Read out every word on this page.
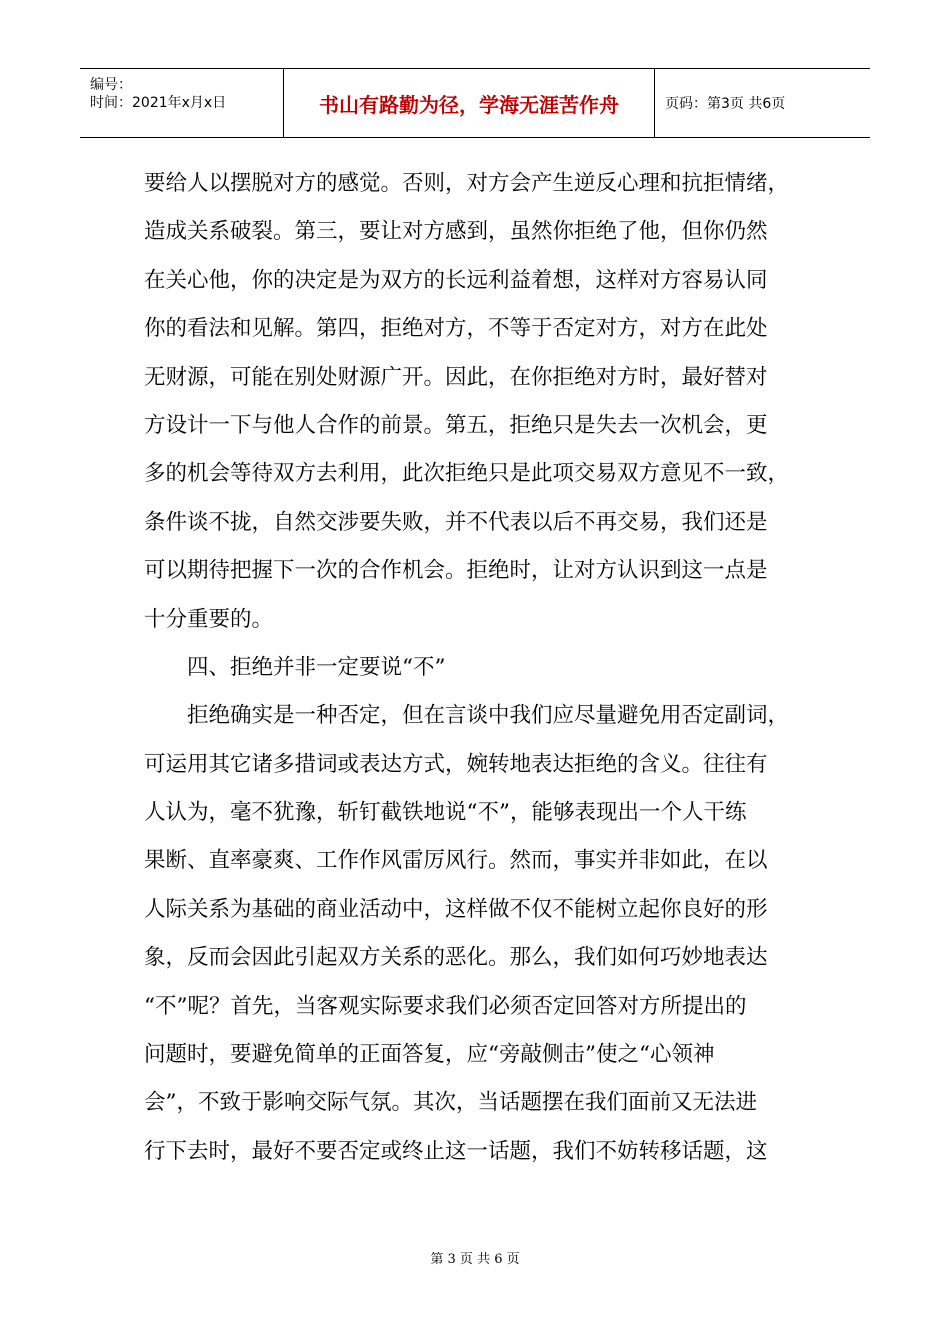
编号：
时间：2021年x月x日	书山有路勤为径，学海无涯苦作舟	页码：第3页 共6页
要给人以摆脱对方的感觉。否则，对方会产生逆反心理和抗拒情绪，
造成关系破裂。第三，要让对方感到，虽然你拒绝了他，但你仍然
在关心他，你的决定是为双方的长远利益着想，这样对方容易认同
你的看法和见解。第四，拒绝对方，不等于否定对方，对方在此处
无财源，可能在别处财源广开。因此，在你拒绝对方时，最好替对
方设计一下与他人合作的前景。第五，拒绝只是失去一次机会，更
多的机会等待双方去利用，此次拒绝只是此项交易双方意见不一致，
条件谈不拢，自然交涉要失败，并不代表以后不再交易，我们还是
可以期待把握下一次的合作机会。拒绝时，让对方认识到这一点是
十分重要的。
四、拒绝并非一定要说“不”
拒绝确实是一种否定，但在言谈中我们应尽量避免用否定副词，
可运用其它诸多措词或表达方式，婉转地表达拒绝的含义。往往有
人认为，毫不犹豫，斩钉截铁地说“不”，能够表现出一个人干练
果断、直率豪爽、工作作风雷厉风行。然而，事实并非如此，在以
人际关系为基础的商业活动中，这样做不仅不能树立起你良好的形
象，反而会因此引起双方关系的恶化。那么，我们如何巧妙地表达
“不”呢？首先，当客观实际要求我们必须否定回答对方所提出的
问题时，要避免简单的正面答复，应“旁敲侧击”使之“心领神
会”，不致于影响交际气氛。其次，当话题摆在我们面前又无法进
行下去时，最好不要否定或终止这一话题，我们不妨转移话题，这
第 3 页 共 6 页
